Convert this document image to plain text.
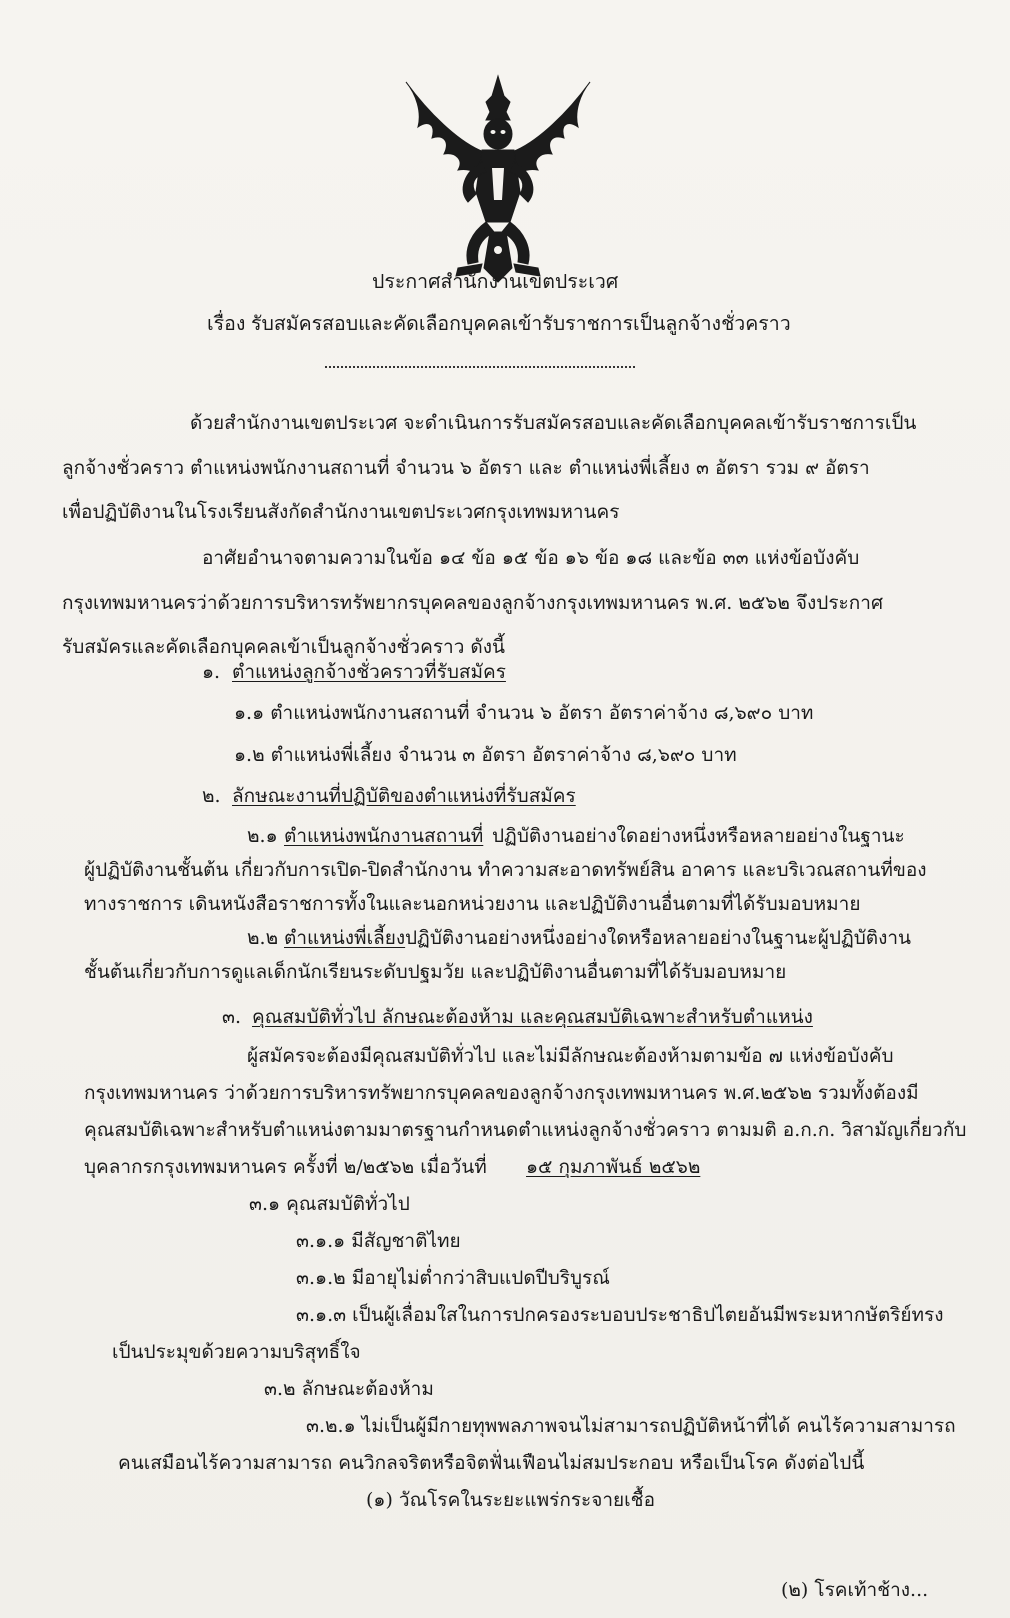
ประกาศสำนักงานเขตประเวศ
เรื่อง รับสมัครสอบและคัดเลือกบุคคลเข้ารับราชการเป็นลูกจ้างชั่วคราว
ด้วยสำนักงานเขตประเวศ จะดำเนินการรับสมัครสอบและคัดเลือกบุคคลเข้ารับราชการเป็น
ลูกจ้างชั่วคราว ตำแหน่งพนักงานสถานที่ จำนวน ๖ อัตรา และ ตำแหน่งพี่เลี้ยง ๓ อัตรา รวม ๙ อัตรา
เพื่อปฏิบัติงานในโรงเรียนสังกัดสำนักงานเขตประเวศกรุงเทพมหานคร
อาศัยอำนาจตามความในข้อ ๑๔ ข้อ ๑๕ ข้อ ๑๖ ข้อ ๑๘ และข้อ ๓๓ แห่งข้อบังคับ
กรุงเทพมหานครว่าด้วยการบริหารทรัพยากรบุคคลของลูกจ้างกรุงเทพมหานคร พ.ศ. ๒๕๖๒ จึงประกาศ
รับสมัครและคัดเลือกบุคคลเข้าเป็นลูกจ้างชั่วคราว ดังนี้
๑. ตำแหน่งลูกจ้างชั่วคราวที่รับสมัคร
๑.๑ ตำแหน่งพนักงานสถานที่ จำนวน ๖ อัตรา อัตราค่าจ้าง ๘,๖๙๐ บาท
๑.๒ ตำแหน่งพี่เลี้ยง จำนวน ๓ อัตรา อัตราค่าจ้าง ๘,๖๙๐ บาท
๒. ลักษณะงานที่ปฏิบัติของตำแหน่งที่รับสมัคร
๒.๑ ตำแหน่งพนักงานสถานที่ ปฏิบัติงานอย่างใดอย่างหนึ่งหรือหลายอย่างในฐานะ
ผู้ปฏิบัติงานชั้นต้น เกี่ยวกับการเปิด-ปิดสำนักงาน ทำความสะอาดทรัพย์สิน อาคาร และบริเวณสถานที่ของ
ทางราชการ เดินหนังสือราชการทั้งในและนอกหน่วยงาน และปฏิบัติงานอื่นตามที่ได้รับมอบหมาย
๒.๒ ตำแหน่งพี่เลี้ยง ปฏิบัติงานอย่างหนึ่งอย่างใดหรือหลายอย่างในฐานะผู้ปฏิบัติงาน
ชั้นต้นเกี่ยวกับการดูแลเด็กนักเรียนระดับปฐมวัย และปฏิบัติงานอื่นตามที่ได้รับมอบหมาย
๓. คุณสมบัติทั่วไป ลักษณะต้องห้าม และคุณสมบัติเฉพาะสำหรับตำแหน่ง
ผู้สมัครจะต้องมีคุณสมบัติทั่วไป และไม่มีลักษณะต้องห้ามตามข้อ ๗ แห่งข้อบังคับ
กรุงเทพมหานคร ว่าด้วยการบริหารทรัพยากรบุคคลของลูกจ้างกรุงเทพมหานคร พ.ศ.๒๕๖๒ รวมทั้งต้องมี
คุณสมบัติเฉพาะสำหรับตำแหน่งตามมาตรฐานกำหนดตำแหน่งลูกจ้างชั่วคราว ตามมติ อ.ก.ก. วิสามัญเกี่ยวกับ
บุคลากรกรุงเทพมหานคร ครั้งที่ ๒/๒๕๖๒ เมื่อวันที่ ๑๕ กุมภาพันธ์ ๒๕๖๒
๓.๑ คุณสมบัติทั่วไป
๓.๑.๑ มีสัญชาติไทย
๓.๑.๒ มีอายุไม่ต่ำกว่าสิบแปดปีบริบูรณ์
๓.๑.๓ เป็นผู้เลื่อมใสในการปกครองระบอบประชาธิปไตยอันมีพระมหากษัตริย์ทรง
เป็นประมุขด้วยความบริสุทธิ์ใจ
๓.๒ ลักษณะต้องห้าม
๓.๒.๑ ไม่เป็นผู้มีกายทุพพลภาพจนไม่สามารถปฏิบัติหน้าที่ได้ คนไร้ความสามารถ
คนเสมือนไร้ความสามารถ คนวิกลจริตหรือจิตฟั่นเฟือนไม่สมประกอบ หรือเป็นโรค ดังต่อไปนี้
(๑) วัณโรคในระยะแพร่กระจายเชื้อ
(๒) โรคเท้าช้าง...
